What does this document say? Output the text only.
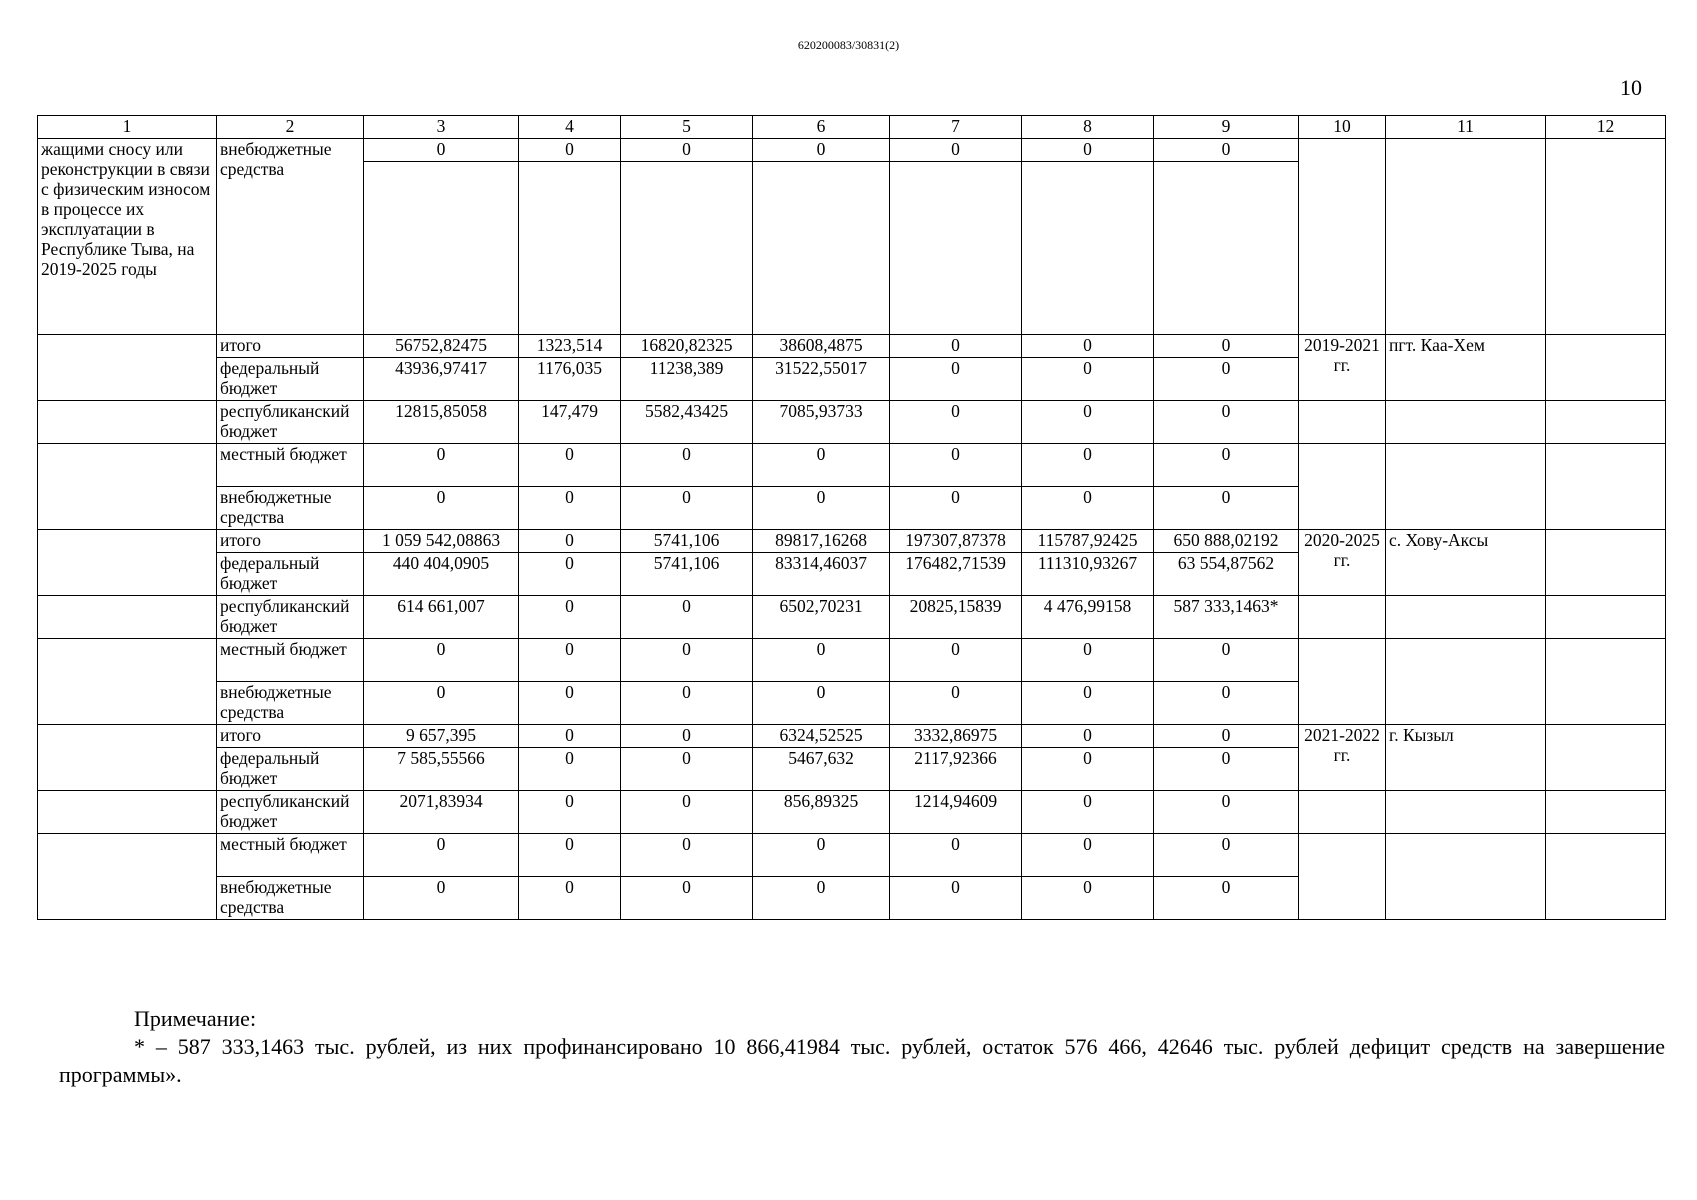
620200083/30831(2)
10
1	2	3	4	5	6	7	8	9	10	11	12
жащими сносу или реконструкции в связи с физическим износом в процессе их эксплуатации в Республике Тыва, на 2019-2025 годы	внебюджетные средства	0	0	0	0	0	0	0			

	итого	56752,82475	1323,514	16820,82325	38608,4875	0	0	0	2019-2021 гг.	пгт. Каа-Хем	
	федеральный бюджет	43936,97417	1176,035	11238,389	31522,55017	0	0	0			
	республиканский бюджет	12815,85058	147,479	5582,43425	7085,93733	0	0	0			
	местный бюджет	0	0	0	0	0	0	0			
	внебюджетные средства	0	0	0	0	0	0	0			
	итого	1 059 542,08863	0	5741,106	89817,16268	197307,87378	115787,92425	650 888,02192	2020-2025 гг.	с. Хову-Аксы	
	федеральный бюджет	440 404,0905	0	5741,106	83314,46037	176482,71539	111310,93267	63 554,87562			
	республиканский бюджет	614 661,007	0	0	6502,70231	20825,15839	4 476,99158	587 333,1463*			
	местный бюджет	0	0	0	0	0	0	0			
	внебюджетные средства	0	0	0	0	0	0	0			
	итого	9 657,395	0	0	6324,52525	3332,86975	0	0	2021-2022 гг.	г. Кызыл	
	федеральный бюджет	7 585,55566	0	0	5467,632	2117,92366	0	0			
	республиканский бюджет	2071,83934	0	0	856,89325	1214,94609	0	0			
	местный бюджет	0	0	0	0	0	0	0			
	внебюджетные средства	0	0	0	0	0	0	0			
Примечание:
* – 587 333,1463 тыс. рублей, из них профинансировано 10 866,41984 тыс. рублей, остаток 576 466, 42646 тыс. рублей дефицит средств на завершение программы».
